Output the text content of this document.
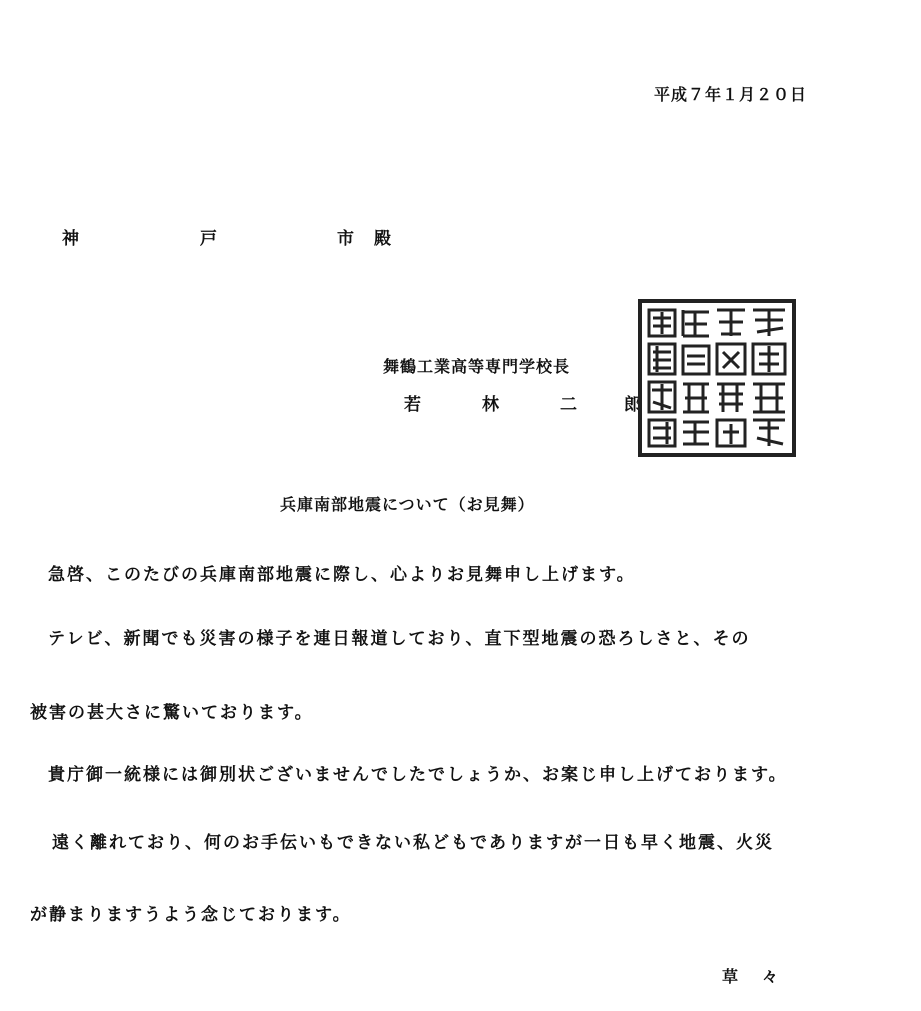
平成７年１月２０日
神	戸	市 殿
舞鶴工業高等専門学校長
若	林	二	郎
兵庫南部地震について（お見舞）
急啓、このたびの兵庫南部地震に際し、心よりお見舞申し上げます。
テレビ、新聞でも災害の様子を連日報道しており、直下型地震の恐ろしさと、その
被害の甚大さに驚いております。
貴庁御一統様には御別状ございませんでしたでしょうか、お案じ申し上げております。
遠く離れており、何のお手伝いもできない私どもでありますが一日も早く地震、火災
が静まりますうよう念じております。
草 々
